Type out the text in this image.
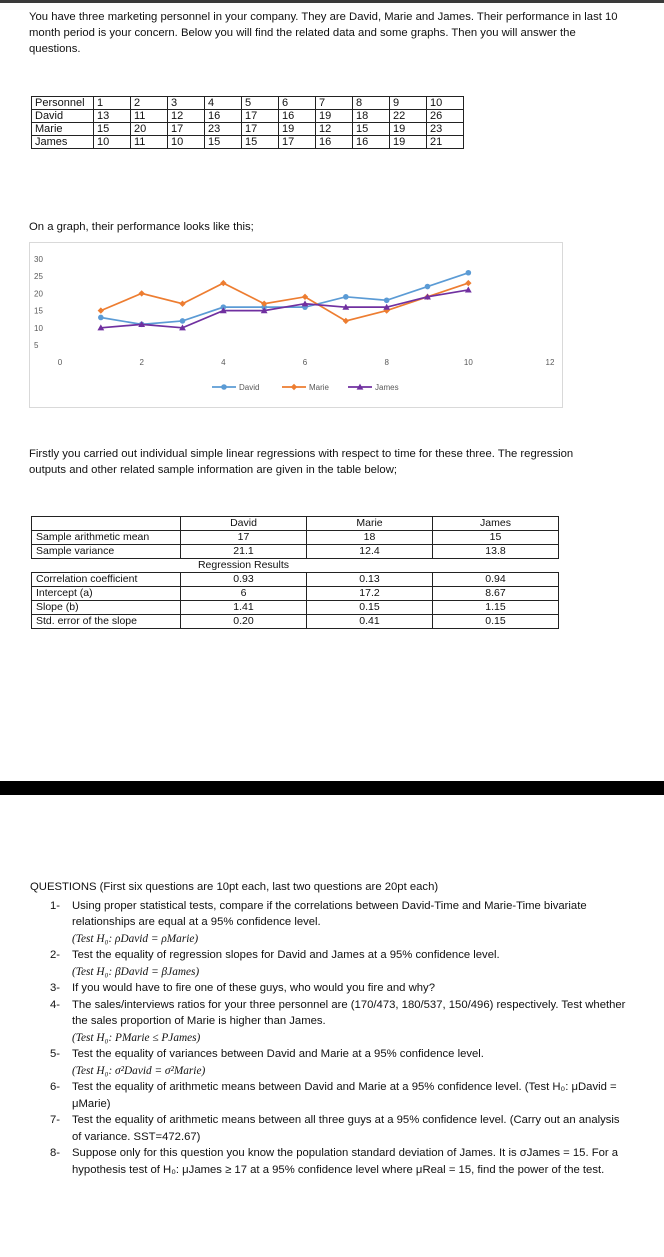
You have three marketing personnel in your company. They are David, Marie and James. Their performance in last 10 month period is your concern. Below you will find the related data and some graphs. Then you will answer the questions.

Personnel	1	2	3	4	5	6	7	8	9	10
David	13	11	12	16	17	16	19	18	22	26
Marie	15	20	17	23	17	19	12	15	19	23
James	10	11	10	15	15	17	16	16	19	21

On a graph, their performance looks like this;

5
10
15
20
25
30
0	2	4	6	8	10	12
David	Marie	James

Firstly you carried out individual simple linear regressions with respect to time for these three. The regression outputs and other related sample information are given in the table below;

	David	Marie	James
Sample arithmetic mean	17	18	15
Sample variance	21.1	12.4	13.8
	Regression Results		
Correlation coefficient	0.93	0.13	0.94
Intercept (a)	6	17.2	8.67
Slope (b)	1.41	0.15	1.15
Std. error of the slope	0.20	0.41	0.15

QUESTIONS (First six questions are 10pt each, last two questions are 20pt each)

1- Using proper statistical tests, compare if the correlations between David-Time and Marie-Time bivariate relationships are equal at a 95% confidence level.
(Test H₀: ρDavid = ρMarie)
2- Test the equality of regression slopes for David and James at a 95% confidence level.
(Test H₀: βDavid = βJames)
3- If you would have to fire one of these guys, who would you fire and why?
4- The sales/interviews ratios for your three personnel are (170/473, 180/537, 150/496) respectively. Test whether the sales proportion of Marie is higher than James.
(Test H₀: PMarie ≤ PJames)
5- Test the equality of variances between David and Marie at a 95% confidence level.
(Test H₀: σ²David = σ²Marie)
6- Test the equality of arithmetic means between David and Marie at a 95% confidence level. (Test H₀: μDavid = μMarie)
7- Test the equality of arithmetic means between all three guys at a 95% confidence level. (Carry out an analysis of variance. SST=472.67)
8- Suppose only for this question you know the population standard deviation of James. It is σJames = 15. For a hypothesis test of H₀: μJames ≥ 17 at a 95% confidence level where μReal = 15, find the power of the test.
